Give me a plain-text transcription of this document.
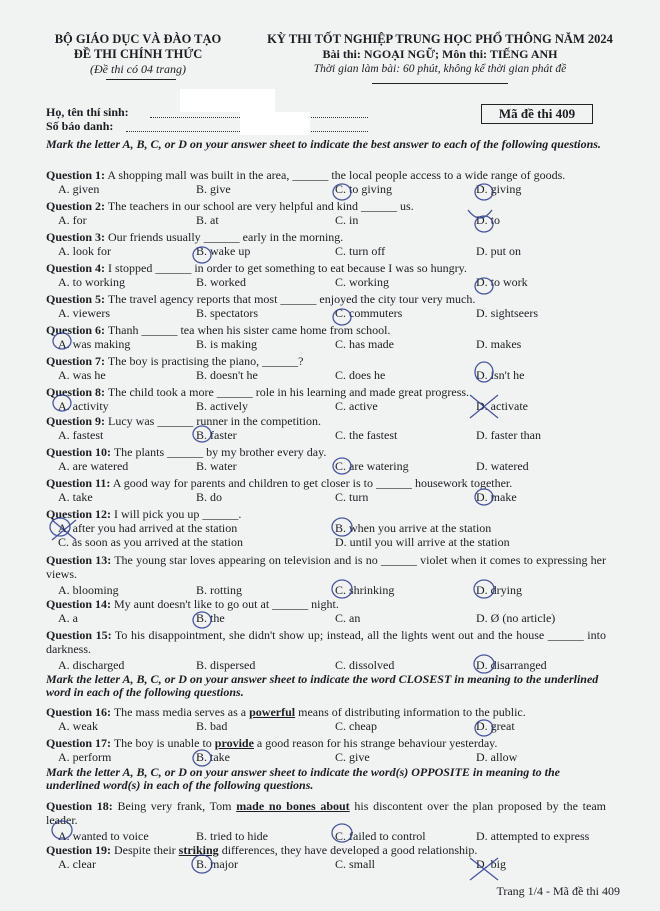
BỘ GIÁO DỤC VÀ ĐÀO TẠO
ĐỀ THI CHÍNH THỨC
(Đề thi có 04 trang)
KỲ THI TỐT NGHIỆP TRUNG HỌC PHỔ THÔNG NĂM 2024
Bài thi: NGOẠI NGỮ; Môn thi: TIẾNG ANH
Thời gian làm bài: 60 phút, không kể thời gian phát đề
Họ, tên thí sinh:
Số báo danh:
Mã đề thi 409
Mark the letter A, B, C, or D on your answer sheet to indicate the best answer to each of the following questions.
Question 1: A shopping mall was built in the area, ______ the local people access to a wide range of goods.
A. given	B. give	C. to giving	D. giving
Question 2: The teachers in our school are very helpful and kind ______ us.
A. for	B. at	C. in	D. to
Question 3: Our friends usually ______ early in the morning.
A. look for	B. wake up	C. turn off	D. put on
Question 4: I stopped ______ in order to get something to eat because I was so hungry.
A. to working	B. worked	C. working	D. to work
Question 5: The travel agency reports that most ______ enjoyed the city tour very much.
A. viewers	B. spectators	C. commuters	D. sightseers
Question 6: Thanh ______ tea when his sister came home from school.
A. was making	B. is making	C. has made	D. makes
Question 7: The boy is practising the piano, ______?
A. was he	B. doesn't he	C. does he	D. isn't he
Question 8: The child took a more ______ role in his learning and made great progress.
A. activity	B. actively	C. active	D. activate
Question 9: Lucy was ______ runner in the competition.
A. fastest	B. faster	C. the fastest	D. faster than
Question 10: The plants ______ by my brother every day.
A. are watered	B. water	C. are watering	D. watered
Question 11: A good way for parents and children to get closer is to ______ housework together.
A. take	B. do	C. turn	D. make
Question 12: I will pick you up ______.
A. after you had arrived at the station	B. when you arrive at the station
C. as soon as you arrived at the station	D. until you will arrive at the station
Question 13: The young star loves appearing on television and is no ______ violet when it comes to expressing her views.
A. blooming	B. rotting	C. shrinking	D. drying
Question 14: My aunt doesn't like to go out at ______ night.
A. a	B. the	C. an	D. Ø (no article)
Question 15: To his disappointment, she didn't show up; instead, all the lights went out and the house ______ into darkness.
A. discharged	B. dispersed	C. dissolved	D. disarranged
Mark the letter A, B, C, or D on your answer sheet to indicate the word CLOSEST in meaning to the underlined word in each of the following questions.
Question 16: The mass media serves as a powerful means of distributing information to the public.
A. weak	B. bad	C. cheap	D. great
Question 17: The boy is unable to provide a good reason for his strange behaviour yesterday.
A. perform	B. take	C. give	D. allow
Mark the letter A, B, C, or D on your answer sheet to indicate the word(s) OPPOSITE in meaning to the underlined word(s) in each of the following questions.
Question 18: Being very frank, Tom made no bones about his discontent over the plan proposed by the team leader.
A. wanted to voice	B. tried to hide	C. failed to control	D. attempted to express
Question 19: Despite their striking differences, they have developed a good relationship.
A. clear	B. major	C. small	D. big
Trang 1/4 - Mã đề thi 409
